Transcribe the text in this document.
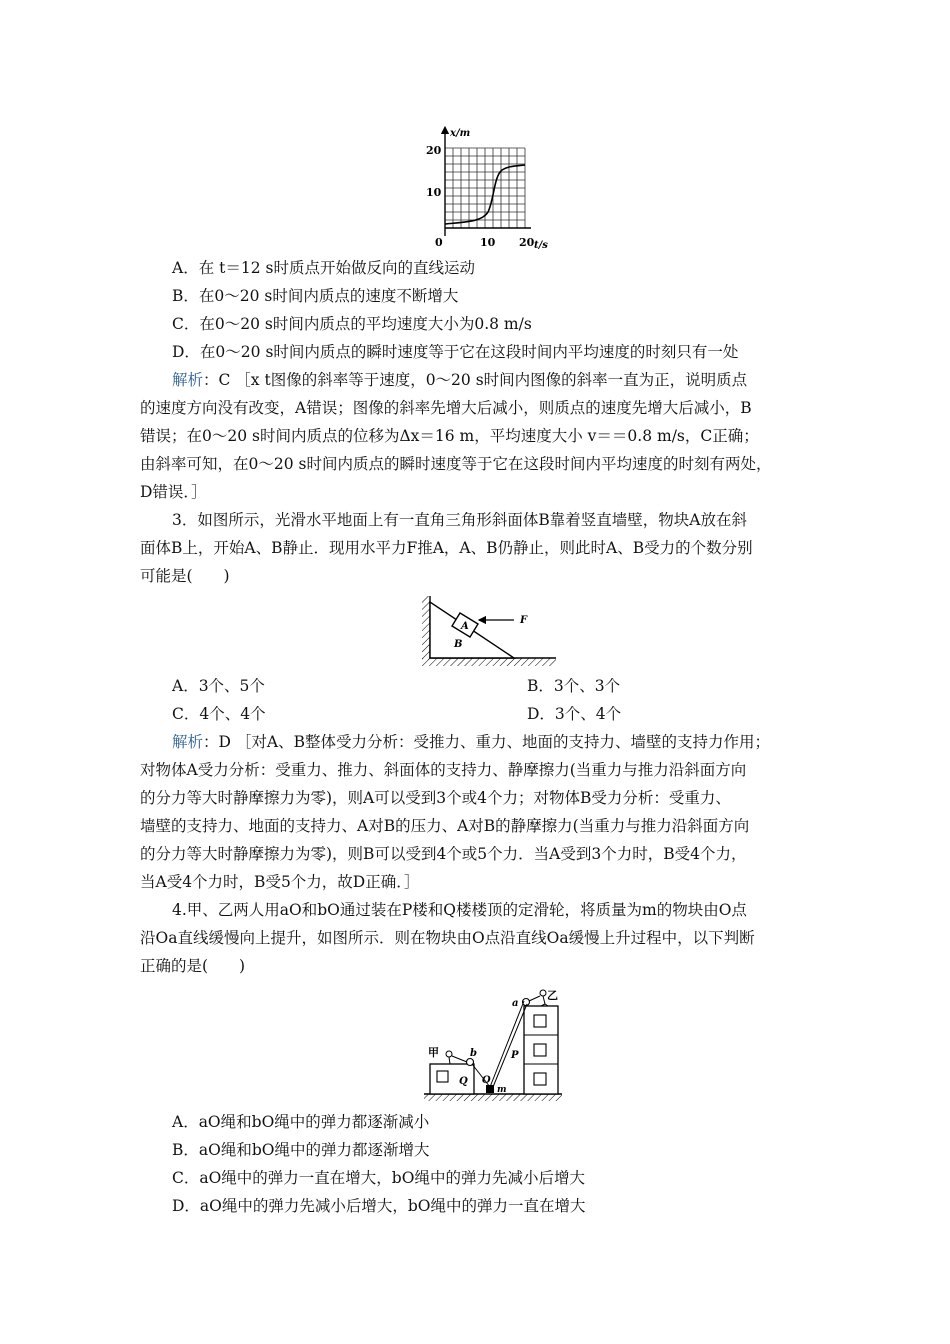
x/m
20
10
0	10 20 t/s
A．在 t＝12 s时质点开始做反向的直线运动
B．在0～20 s时间内质点的速度不断增大
C．在0～20 s时间内质点的平均速度大小为0.8 m/s
D．在0～20 s时间内质点的瞬时速度等于它在这段时间内平均速度的时刻只有一处
解析：C ［x t图像的斜率等于速度，0～20 s时间内图像的斜率一直为正，说明质点
的速度方向没有改变，A错误；图像的斜率先增大后减小，则质点的速度先增大后减小，B
错误；在0～20 s时间内质点的位移为Δx＝16 m，平均速度大小 v＝＝0.8 m/s，C正确；
由斜率可知，在0～20 s时间内质点的瞬时速度等于它在这段时间内平均速度的时刻有两处，
D错误．］
3．如图所示，光滑水平地面上有一直角三角形斜面体B靠着竖直墙壁，物块A放在斜
面体B上，开始A、B静止．现用水平力F推A，A、B仍静止，则此时A、B受力的个数分别
可能是(　　)
A
B
F
A．3个、5个	B．3个、3个
C．4个、4个	D．3个、4个
解析：D ［对A、B整体受力分析：受推力、重力、地面的支持力、墙壁的支持力作用；
对物体A受力分析：受重力、推力、斜面体的支持力、静摩擦力(当重力与推力沿斜面方向
的分力等大时静摩擦力为零)，则A可以受到3个或4个力；对物体B受力分析：受重力、
墙壁的支持力、地面的支持力、A对B的压力、A对B的静摩擦力(当重力与推力沿斜面方向
的分力等大时静摩擦力为零)，则B可以受到4个或5个力．当A受到3个力时，B受4个力，
当A受4个力时，B受5个力，故D正确．］
4.甲、乙两人用aO和bO通过装在P楼和Q楼楼顶的定滑轮，将质量为m的物块由O点
沿Oa直线缓慢向上提升，如图所示．则在物块由O点沿直线Oa缓慢上升过程中，以下判断
正确的是(　　)
a
乙
甲	b
Q
P
O
m
A．aO绳和bO绳中的弹力都逐渐减小
B．aO绳和bO绳中的弹力都逐渐增大
C．aO绳中的弹力一直在增大，bO绳中的弹力先减小后增大
D．aO绳中的弹力先减小后增大，bO绳中的弹力一直在增大
